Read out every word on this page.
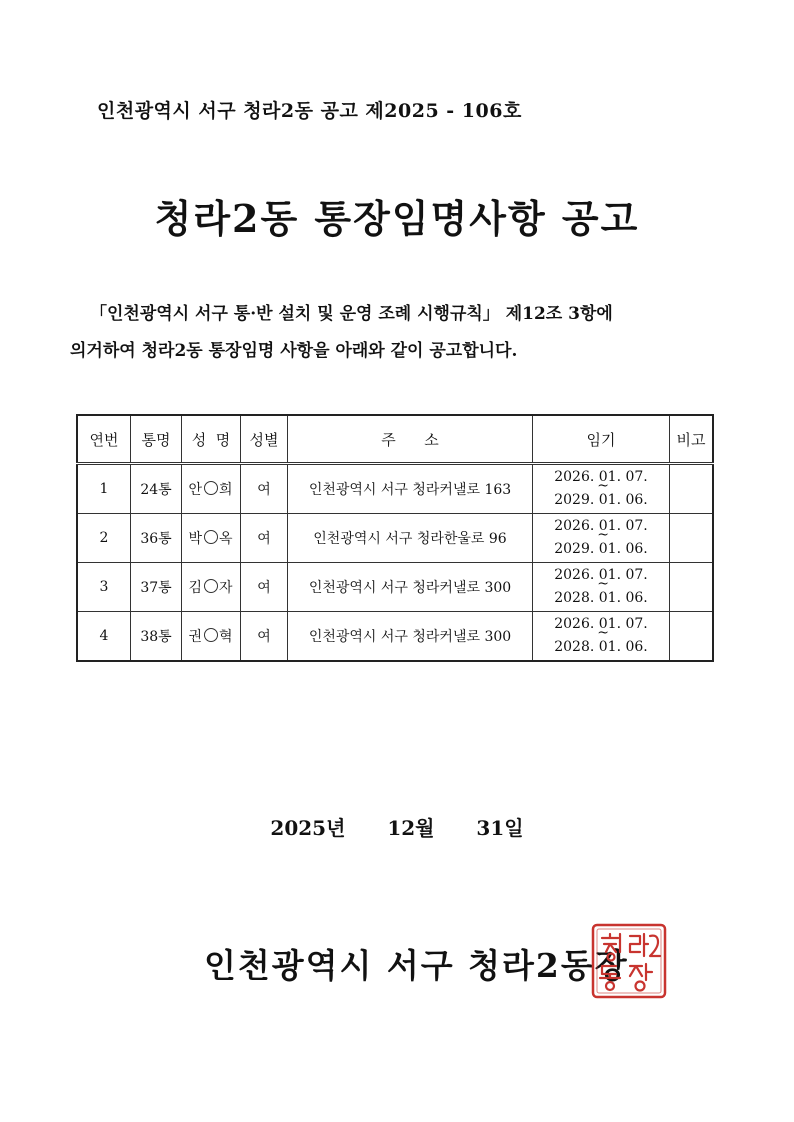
인천광역시 서구 청라2동 공고 제2025 - 106호
청라2동 통장임명사항 공고
「인천광역시 서구 통·반 설치 및 운영 조례 시행규칙」 제12조 3항에
의거하여 청라2동 통장임명 사항을 아래와 같이 공고합니다.
연번	통명	성  명	성별	주      소	임기	비고
1	24통	안 희	여	인천광역시 서구 청라커낼로 163	2026. 01. 07. ~
2029. 01. 06.

2	36통	박 옥	여	인천광역시 서구 청라한울로 96	2026. 01. 07. ~
2029. 01. 06.

3	37통	김 자	여	인천광역시 서구 청라커낼로 300	2026. 01. 07. ~
2028. 01. 06.

4	38통	권 혁	여	인천광역시 서구 청라커낼로 300	2026. 01. 07. ~
2028. 01. 06.

2025년  12월  31일
인천광역시 서구 청라2동장
